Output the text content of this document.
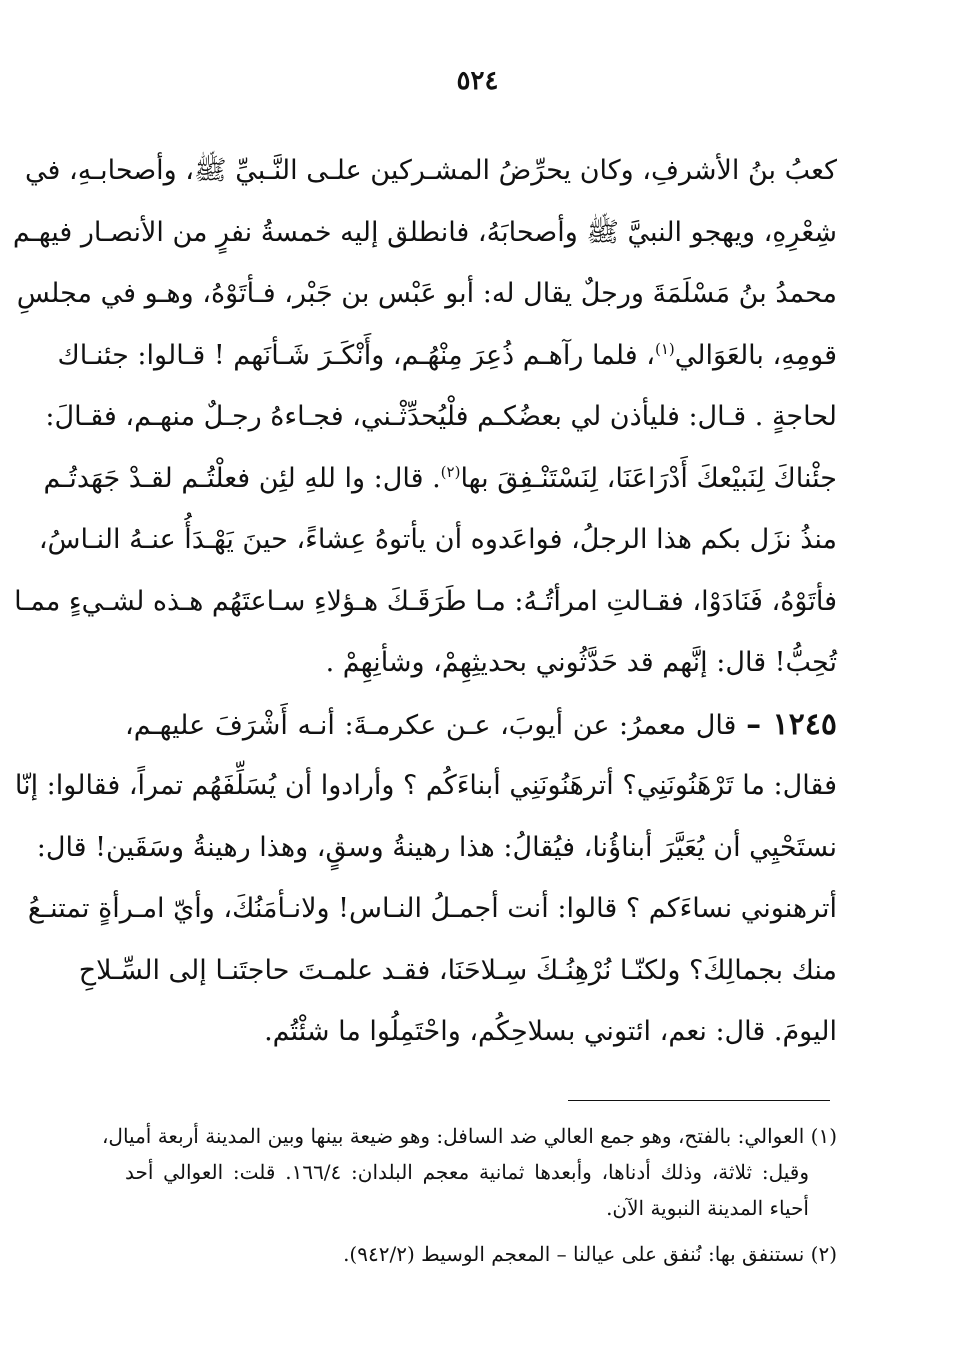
٥٢٤
كعبُ بنُ الأشرفِ، وكان يحرِّضُ المشـركين علـى النَّـبيِّ ﷺ، وأصحابـهِ، في
شِعْرِهِ، ويهجو النبيَّ ﷺ وأصحابَهُ، فانطلق إليه خمسةُ نفرٍ من الأنصـار فيهـم
محمدُ بنُ مَسْلَمَةَ ورجلٌ يقال له: أبو عَبْس بن جَبْر، فـأتَوْهُ، وهـو في مجلسِ
قومِهِ، بالعَوَالي$^{(١)}$، فلما رآهـم ذُعِرَ مِنْهُـم، وأَنْكَـرَ شَـأنَهم ! قـالوا: جئنـاك
لحاجةٍ . قـال: فليأذن لي بعضُكـم فلْيُحدِّثْـني، فجـاءهُ رجـلٌ منهـم، فقـالَ:
جئْناكَ لِنَبيْعكَ أَدْرَاعَنَا، لِنَسْتَنْـفِقَ بها$^{(٢)}$. قال: وا للهِ لئِن فعلْتُـم لقـدْ جَهَدتُـم
منذُ نزَل بكم هذا الرجلُ، فواعَدوه أن يأتوهُ عِشاءً، حينَ يَهْـدَأُ عنـهُ النـاسُ،
فأتَوْهُ، فَنَادَوْا، فقـالتِ امرأتُـهُ: مـا طَرَقَـكَ هـؤلاءِ سـاعتَهُم هـذه لشـيءٍ ممـا
تُحِبُّ! قال: إنَّهم قد حَدَّثُوني بحديثِهِمْ، وشأنِهِمْ .
١٢٤٥ – قال معمرُ: عن أيوبَ، عـن عكرمـةَ: أنـه أَشْرَفَ عليهـم،
فقال: ما تَرْهَنُونَنِي؟ أترهَنُونَنِي أبناءَكُم ؟ وأرادوا أن يُسَلِّفَهُم تمراً، فقالوا: إنّا
نستَحْيِي أن يُعَيَّرَ أبناؤُنا، فيُقالُ: هذا رهينةُ وسقٍ، وهذا رهينةُ وسَقَين! قال:
أترهنوني نساءَكم ؟ قالوا: أنت أجمـلُ النـاس! ولانـأمَنُكَ، وأيّ امـرأةٍ تمتنـعُ
منك بجمالِكَ؟ ولكنّـا نُرْهِنُـكَ سِـلاحَنَا، فقـد علمـتَ حاجتَنـا إلى السِّـلاحِ
اليومَ. قال: نعم، ائتوني بسلاحِكُم، واحْتَمِلُوا ما شئْتُم.
(١) العوالي: بالفتح، وهو جمع العالي ضد السافل: وهو ضيعة بينها وبين المدينة أربعة أميال،
وقيل: ثلاثة، وذلك أدناها، وأبعدها ثمانية معجم البلدان: ١٦٦/٤. قلت: العوالي أحد
أحياء المدينة النبوية الآن.
(٢) نستنفق بها: نُنفق على عيالنا – المعجم الوسيط (٩٤٢/٢).
